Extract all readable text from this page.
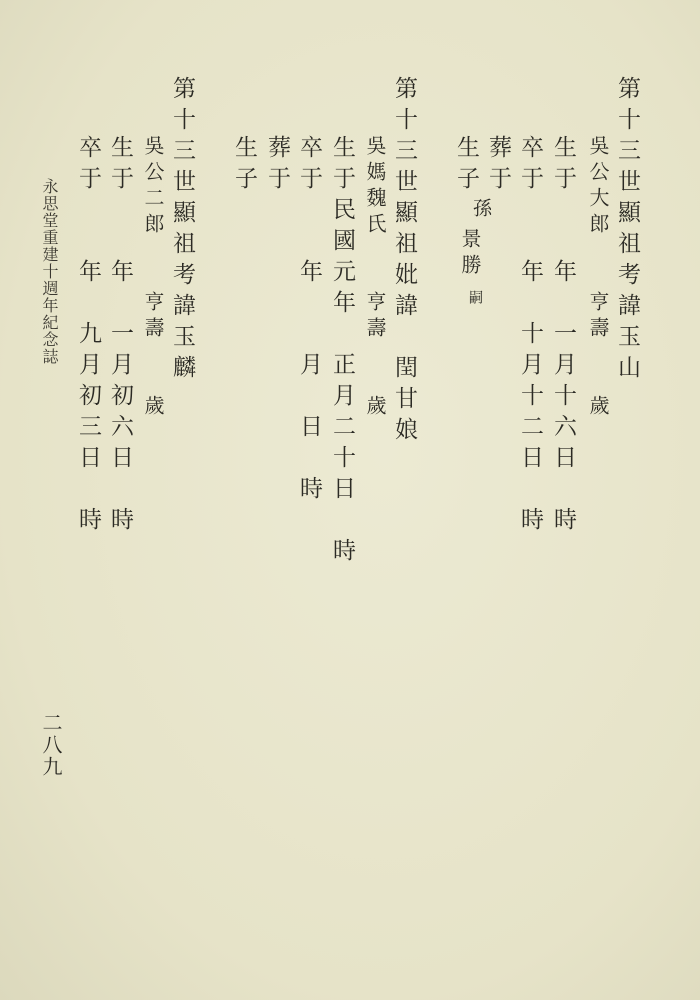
第十三世顯祖考諱玉山
吳公大郎　　亨壽　　歲
生于　　年　一月十六日　時
卒于　　年　十月十二日　時
葬于
生子
孫
景勝
嗣
第十三世顯祖妣諱　閏甘娘
吳媽魏氏　　亨壽　　歲
生于民國元年　正月二十日　時
卒于　　年　　月　日　時
葬于
生子
第十三世顯祖考諱玉麟
吳公二郎　　亨壽　　歲
生于　　年　一月初六日　時
卒于　　年　九月初三日　時
永思堂重建十週年紀念誌
二八九
